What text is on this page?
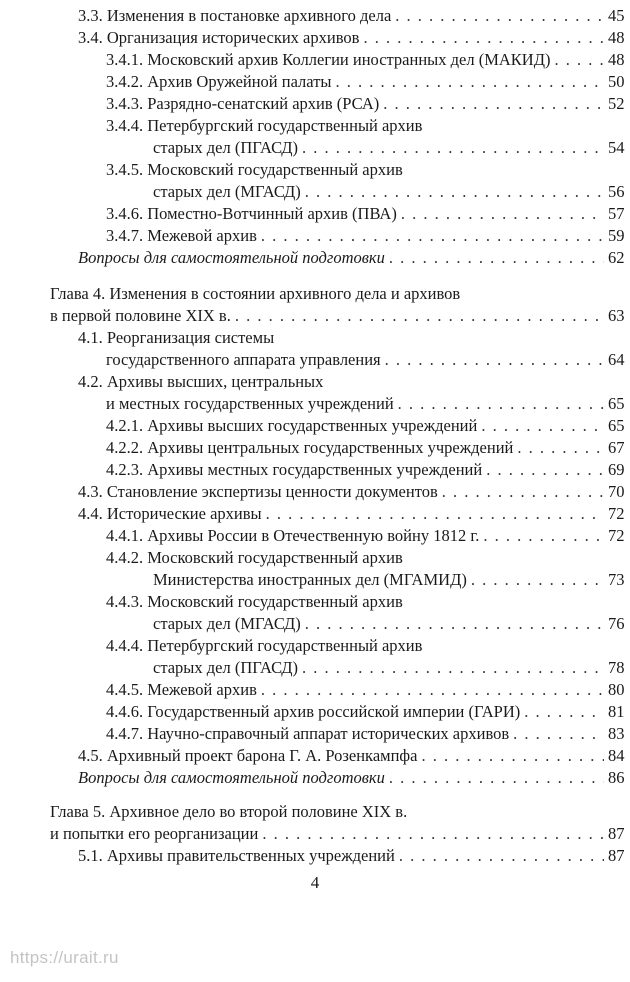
3.3. Изменения в постановке архивного дела . . .	45
3.4. Организация исторических архивов . . .	48
3.4.1. Московский архив Коллегии иностранных дел (МАКИД) . . .	48
3.4.2. Архив Оружейной палаты . . .	50
3.4.3. Разрядно-сенатский архив (РСА) . . .	52
3.4.4. Петербургский государственный архив
старых дел (ПГАСД) . . .	54
3.4.5. Московский государственный архив
старых дел (МГАСД) . . .	56
3.4.6. Поместно-Вотчинный архив (ПВА) . . .	57
3.4.7. Межевой архив . . .	59
Вопросы для самостоятельной подготовки . . .	62
Глава 4. Изменения в состоянии архивного дела и архивов
в первой половине XIX в. . . .	63
4.1. Реорганизация системы
государственного аппарата управления . . .	64
4.2. Архивы высших, центральных
и местных государственных учреждений . . .	65
4.2.1. Архивы высших государственных учреждений . . .	65
4.2.2. Архивы центральных государственных учреждений . . .	67
4.2.3. Архивы местных государственных учреждений . . .	69
4.3. Становление экспертизы ценности документов . . .	70
4.4. Исторические архивы . . .	72
4.4.1. Архивы России в Отечественную войну 1812 г. . . .	72
4.4.2. Московский государственный архив
Министерства иностранных дел (МГАМИД) . . .	73
4.4.3. Московский государственный архив
старых дел (МГАСД) . . .	76
4.4.4. Петербургский государственный архив
старых дел (ПГАСД) . . .	78
4.4.5. Межевой архив . . .	80
4.4.6. Государственный архив российской империи (ГАРИ) . . .	81
4.4.7. Научно-справочный аппарат исторических архивов . . .	83
4.5. Архивный проект барона Г. А. Розенкампфа . . .	84
Вопросы для самостоятельной подготовки . . .	86
Глава 5. Архивное дело во второй половине XIX в.
и попытки его реорганизации . . .	87
5.1. Архивы правительственных учреждений . . .	87
4
https://urait.ru
